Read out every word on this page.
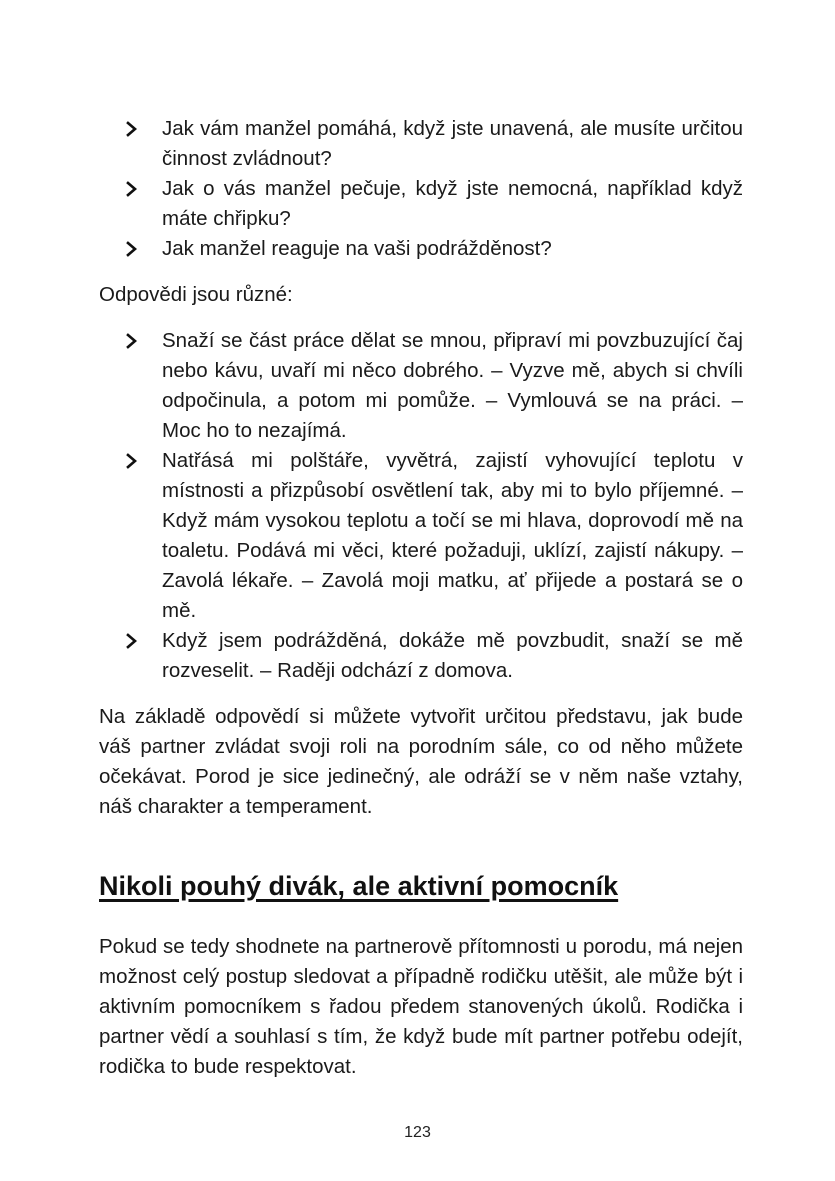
Jak vám manžel pomáhá, když jste unavená, ale musíte určitou činnost zvládnout?
Jak o vás manžel pečuje, když jste nemocná, například když máte chřipku?
Jak manžel reaguje na vaši podrážděnost?

Odpovědi jsou různé:

Snaží se část práce dělat se mnou, připraví mi povzbuzující čaj nebo kávu, uvaří mi něco dobrého. – Vyzve mě, abych si chvíli odpočinula, a potom mi pomůže. – Vymlouvá se na práci. – Moc ho to nezajímá.
Natřásá mi polštáře, vyvětrá, zajistí vyhovující teplotu v místnosti a přizpůsobí osvětlení tak, aby mi to bylo příjemné. – Když mám vysokou teplotu a točí se mi hlava, doprovodí mě na toaletu. Podává mi věci, které požaduji, uklízí, zajistí nákupy. – Zavolá lékaře. – Zavolá moji matku, ať přijede a postará se o mě.
Když jsem podrážděná, dokáže mě povzbudit, snaží se mě rozveselit. – Raději odchází z domova.

Na základě odpovědí si můžete vytvořit určitou představu, jak bude váš partner zvládat svoji roli na porodním sále, co od něho můžete očekávat. Porod je sice jedinečný, ale odráží se v něm naše vztahy, náš charakter a temperament.

Nikoli pouhý divák, ale aktivní pomocník

Pokud se tedy shodnete na partnerově přítomnosti u porodu, má nejen možnost celý postup sledovat a případně rodičku utěšit, ale může být i aktivním pomocníkem s řadou předem stanovených úkolů. Rodička i partner vědí a souhlasí s tím, že když bude mít partner potřebu odejít, rodička to bude respektovat.

123
